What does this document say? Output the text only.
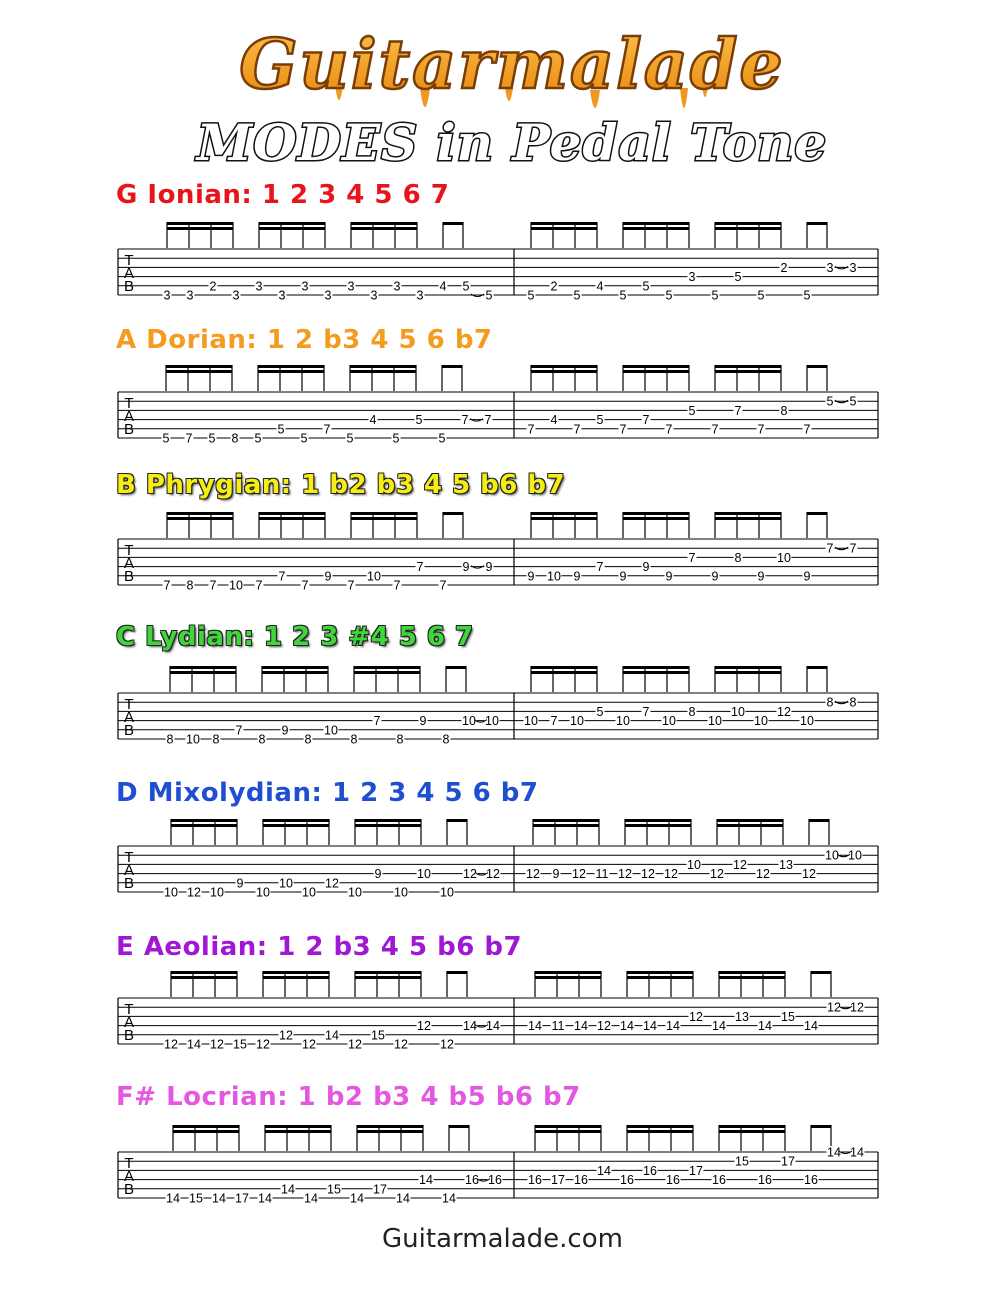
Guitarmalade
MODES in Pedal Tone
G Ionian: 1 2 3 4 5 6 7
A Dorian: 1 2 b3 4 5 6 b7
B Phrygian: 1 b2 b3 4 5 b6 b7
C Lydian: 1 2 3 #4 5 6 7
D Mixolydian: 1 2 3 4 5 6 b7
E Aeolian: 1 2 b3 4 5 b6 b7
F# Locrian: 1 b2 b3 4 b5 b6 b7
T
A
B
3 3
2
3
3
3
3
3
3
3
3
3
4 5
5	5
2
5
4
5
5
5
3
5
5
5
2
5
3 3
T
A
B
5 7 5 8 5
5
5
7
5
4
5
5
5
7 7
7
4
7
5
7
7
7
5
7
7
7
8
7
5 5
T
A
B
7 8 7 10 7
7
7
9
7
10
7
7
7
9 9
9 10 9
7
9
9
9
7
9
8
9
10
9
7 7
T
A
B
8 10 8
7
8
9
8
10
8
7
8
9
8
10 10 10 7 10
5
10
7
10
8
10
10
10
12
10
8 8
T
A
B
10 12 10
9
10
10
10
12
10
9
10
10
10
12 12 12 9 12 11 12 12 12
10
12
12
12
13
12
10 10
T
A
B
12 14 12 15 12
12
12
14
12
15
12
12
12
14 14 14 11 14 12 14 14 14
12
14
13
14
15
14
12 12
T
A
B
14 15 14 17 14
14
14
15
14
17
14
14
14
16 16 16 17 16
14
16
16
16
17
16
15
16
17
16
14 14
Guitarmalade.com
